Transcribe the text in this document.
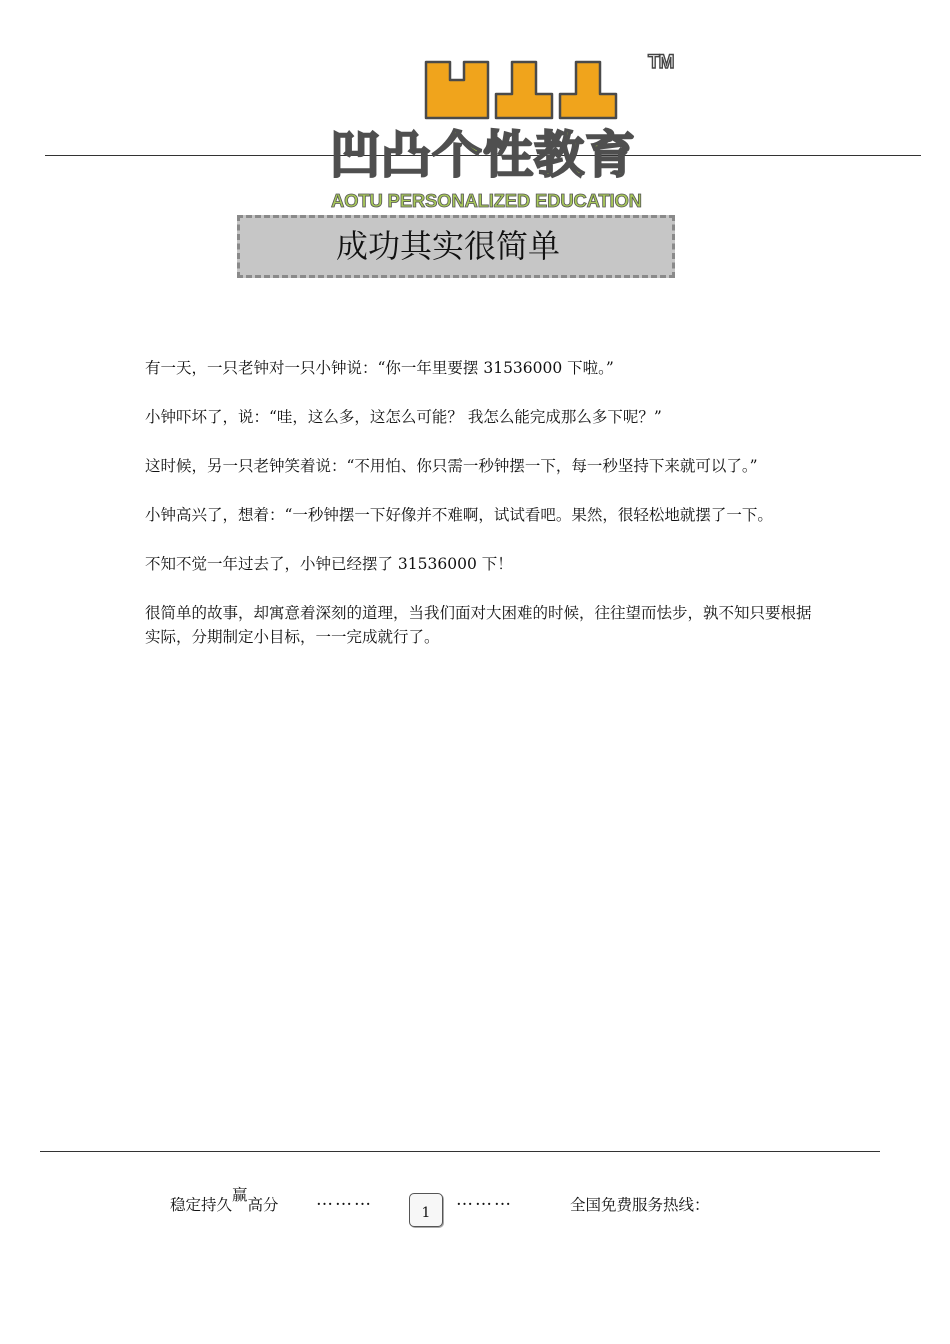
TM
凹凸个性教育
AOTU PERSONALIZED EDUCATION
成功其实很简单

有一天，一只老钟对一只小钟说：“你一年里要摆 31536000 下啦。”

小钟吓坏了，说：“哇，这么多，这怎么可能？ 我怎么能完成那么多下呢？”

这时候，另一只老钟笑着说：“不用怕、你只需一秒钟摆一下，每一秒坚持下来就可以了。”

小钟高兴了，想着：“一秒钟摆一下好像并不难啊，试试看吧。果然，很轻松地就摆了一下。

不知不觉一年过去了，小钟已经摆了 31536000 下！

很简单的故事，却寓意着深刻的道理，当我们面对大困难的时候，往往望而怯步，孰不知只要根据实际，分期制定小目标，一一完成就行了。

稳定持久赢高分 ………
1
………	全国免费服务热线：
